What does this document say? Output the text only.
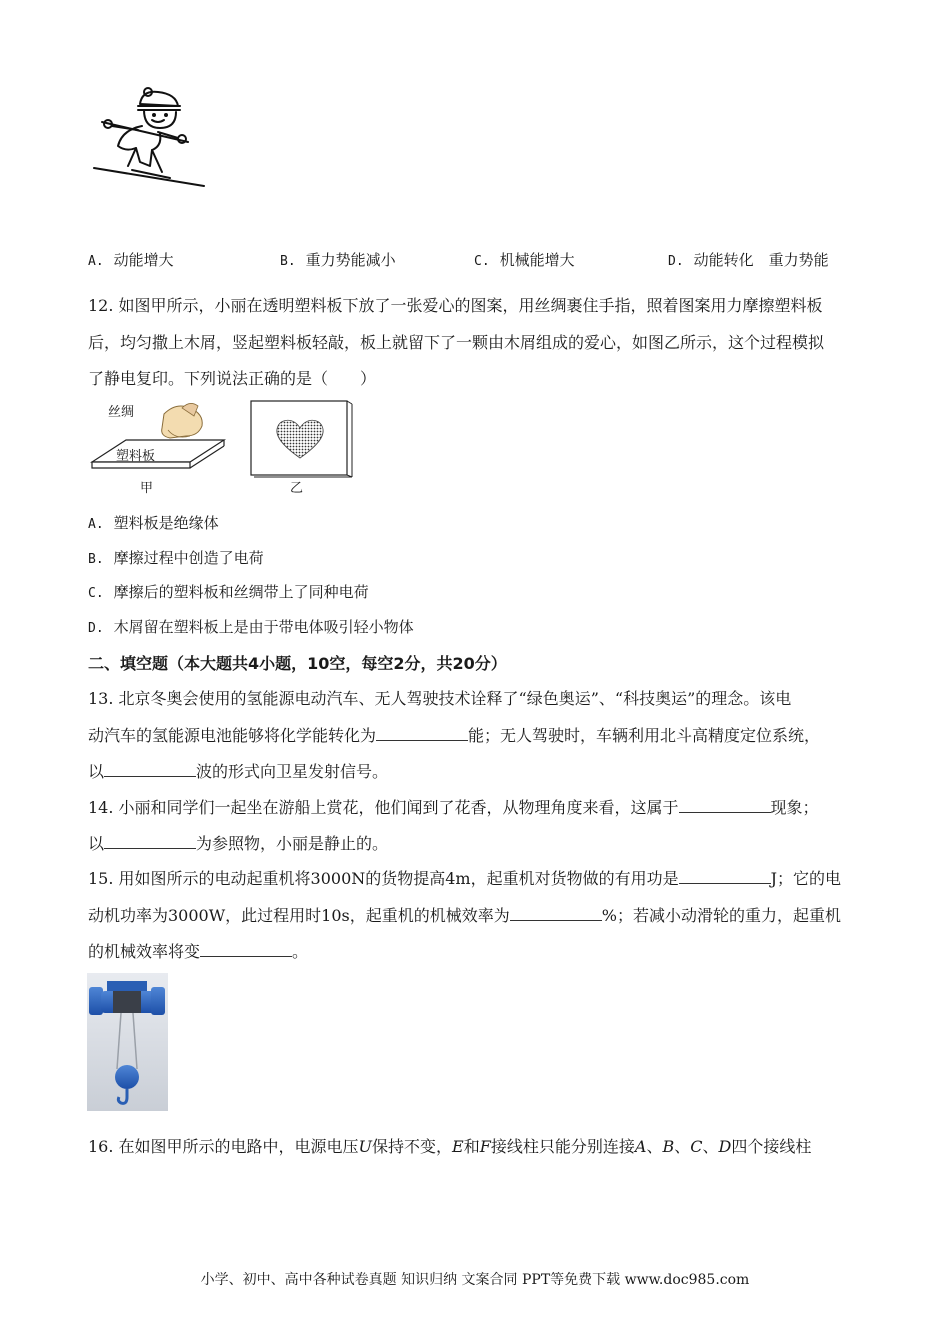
A. 动能增大	B. 重力势能减小	C. 机械能增大	D. 动能转化　重力势能
12. 如图甲所示，小丽在透明塑料板下放了一张爱心的图案，用丝绸裹住手指，照着图案用力摩擦塑料板
后，均匀撒上木屑，竖起塑料板轻敲，板上就留下了一颗由木屑组成的爱心，如图乙所示，这个过程模拟
了静电复印。下列说法正确的是（　　）
丝绸
塑料板
甲	乙
A. 塑料板是绝缘体
B. 摩擦过程中创造了电荷
C. 摩擦后的塑料板和丝绸带上了同种电荷
D. 木屑留在塑料板上是由于带电体吸引轻小物体
二、填空题（本大题共4小题，10空，每空2分，共20分）
13. 北京冬奥会使用的氢能源电动汽车、无人驾驶技术诠释了“绿色奥运”、“科技奥运”的理念。该电
动汽车的氢能源电池能够将化学能转化为	能；无人驾驶时，车辆利用北斗高精度定位系统，
以	波的形式向卫星发射信号。
14. 小丽和同学们一起坐在游船上赏花，他们闻到了花香，从物理角度来看，这属于	现象；
以	为参照物，小丽是静止的。
15. 用如图所示的电动起重机将3000N的货物提高4m，起重机对货物做的有用功是	J；它的电
动机功率为3000W，此过程用时10s，起重机的机械效率为	%；若减小动滑轮的重力，起重机
的机械效率将变	。
16. 在如图甲所示的电路中，电源电压U保持不变，E和F接线柱只能分别连接A、B、C、D四个接线柱
小学、初中、高中各种试卷真题 知识归纳 文案合同 PPT等免费下载 www.doc985.com
